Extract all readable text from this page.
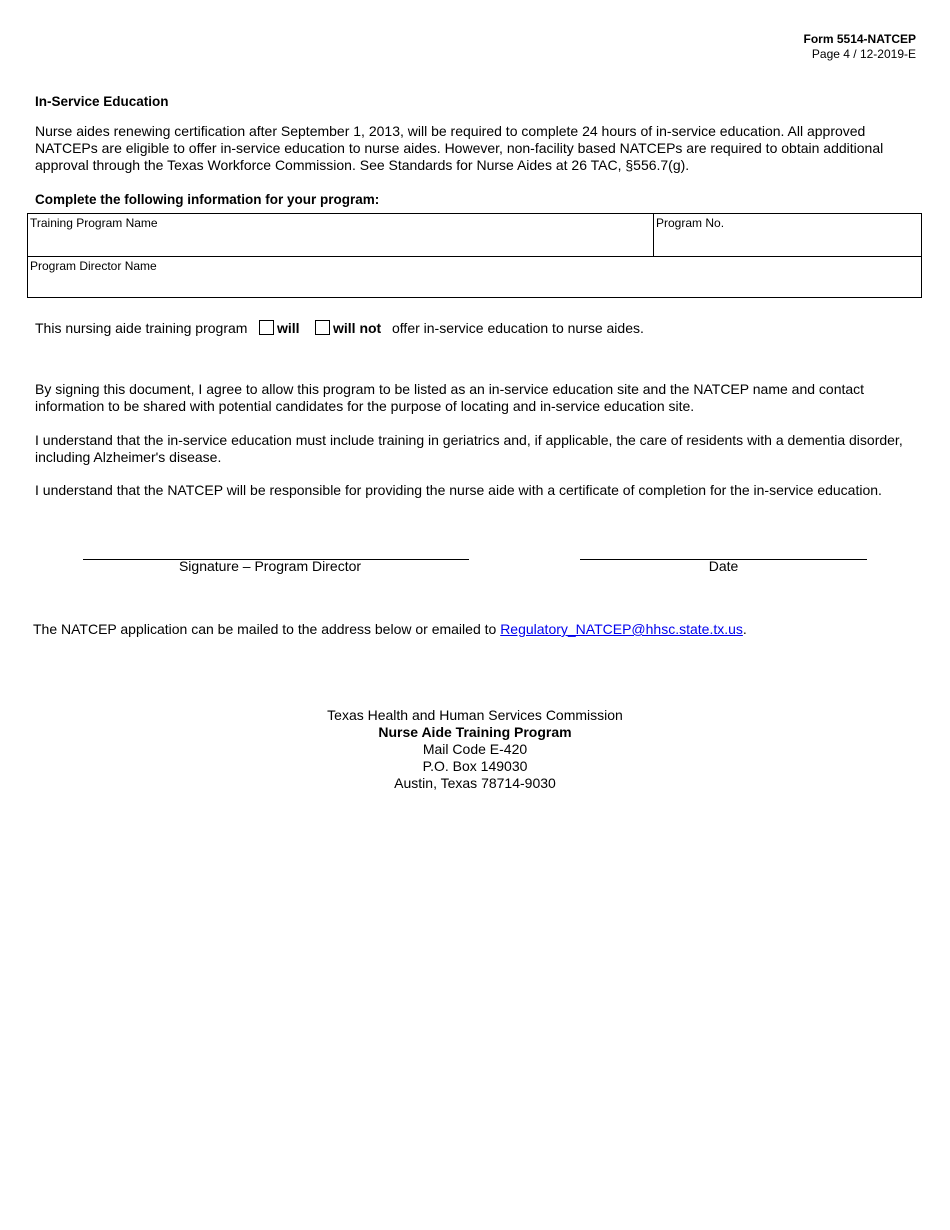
Form 5514-NATCEP
Page 4 / 12-2019-E
In-Service Education
Nurse aides renewing certification after September 1, 2013, will be required to complete 24 hours of in-service education. All approved NATCEPs are eligible to offer in-service education to nurse aides. However, non-facility based NATCEPs are required to obtain additional approval through the Texas Workforce Commission. See Standards for Nurse Aides at 26 TAC, §556.7(g).
Complete the following information for your program:
Training Program Name	Program No.
Program Director Name
This nursing aide training program will will not offer in-service education to nurse aides.
By signing this document, I agree to allow this program to be listed as an in-service education site and the NATCEP name and contact information to be shared with potential candidates for the purpose of locating and in-service education site.
I understand that the in-service education must include training in geriatrics and, if applicable, the care of residents with a dementia disorder, including Alzheimer's disease.
I understand that the NATCEP will be responsible for providing the nurse aide with a certificate of completion for the in-service education.
Signature – Program Director	Date
The NATCEP application can be mailed to the address below or emailed to Regulatory_NATCEP@hhsc.state.tx.us.
Texas Health and Human Services Commission
Nurse Aide Training Program
Mail Code E-420
P.O. Box 149030
Austin, Texas 78714-9030
